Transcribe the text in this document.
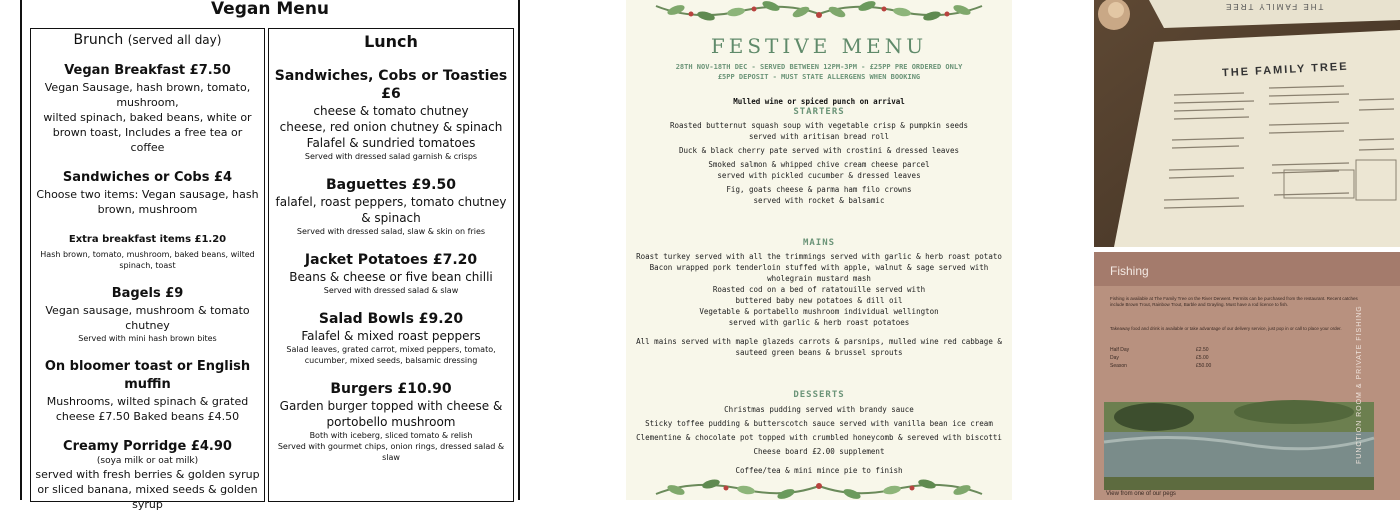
Vegan Menu
Brunch (served all day)
Vegan Breakfast £7.50
Vegan Sausage, hash brown, tomato,
mushroom,
wilted spinach, baked beans, white or brown toast, Includes a free tea or coffee
Sandwiches or Cobs £4
Choose two items: Vegan sausage, hash brown, mushroom
Extra breakfast items £1.20
Hash brown, tomato, mushroom, baked beans, wilted spinach, toast
Bagels £9
Vegan sausage, mushroom & tomato chutney
Served with mini hash brown bites
On bloomer toast or English muffin
Mushrooms, wilted spinach & grated cheese £7.50 Baked beans £4.50
Creamy Porridge £4.90
(soya milk or oat milk)
served with fresh berries & golden syrup or sliced banana, mixed seeds & golden syrup
Lunch
Sandwiches, Cobs or Toasties £6
cheese & tomato chutney
cheese, red onion chutney & spinach
Falafel & sundried tomatoes
Served with dressed salad garnish & crisps
Baguettes £9.50
falafel, roast peppers, tomato chutney & spinach
Served with dressed salad, slaw & skin on fries
Jacket Potatoes £7.20
Beans & cheese or five bean chilli
Served with dressed salad & slaw
Salad Bowls £9.20
Falafel & mixed roast peppers
Salad leaves, grated carrot, mixed peppers, tomato, cucumber, mixed seeds, balsamic dressing
Burgers £10.90
Garden burger topped with cheese & portobello mushroom
Both with iceberg, sliced tomato & relish
Served with gourmet chips, onion rings, dressed salad & slaw
FESTIVE MENU
28TH NOV-18TH DEC - SERVED BETWEEN 12PM-3PM - £25PP PRE ORDERED ONLY
£5PP DEPOSIT - MUST STATE ALLERGENS WHEN BOOKING
Mulled wine or spiced punch on arrival
STARTERS
Roasted butternut squash soup with vegetable crisp & pumpkin seeds
served with aritisan bread roll
Duck & black cherry pate served with crostini & dressed leaves
Smoked salmon & whipped chive cream cheese parcel
served with pickled cucumber & dressed leaves
Fig, goats cheese & parma ham filo crowns
served with rocket & balsamic
MAINS
Roast turkey served with all the trimmings served with garlic & herb roast potato
Bacon wrapped pork tenderloin stuffed with apple, walnut & sage served with
wholegrain mustard mash
Roasted cod on a bed of ratatouille served with
buttered baby new potatoes & dill oil
Vegetable & portabello mushroom individual wellington
served with garlic & herb roast potatoes
All mains served with maple glazeds carrots & parsnips, mulled wine red cabbage &
sauteed green beans & brussel sprouts
DESSERTS
Christmas pudding served with brandy sauce
Sticky toffee pudding & butterscotch sauce served with vanilla bean ice cream
Clementine & chocolate pot topped with crumbled honeycomb & sereved with biscotti
Cheese board £2.00 supplement
Coffee/tea & mini mince pie to finish
THE FAMILY TREE
THE FAMILY TREE
Fishing
Fishing is available at The Family Tree on the River Derwent. Permits can be purchased from the restaurant. Recent catches include Brown Trout, Rainbow Trout, Barble and Grayling. Must have a rod licence to fish.
Takeaway food and drink is available or take advantage of our delivery service, just pop in or call to place your order.
Half Day	£2.50
Day	£5.00
Season	£50.00
View from one of our pegs
FUNCTION ROOM & PRIVATE FISHING
